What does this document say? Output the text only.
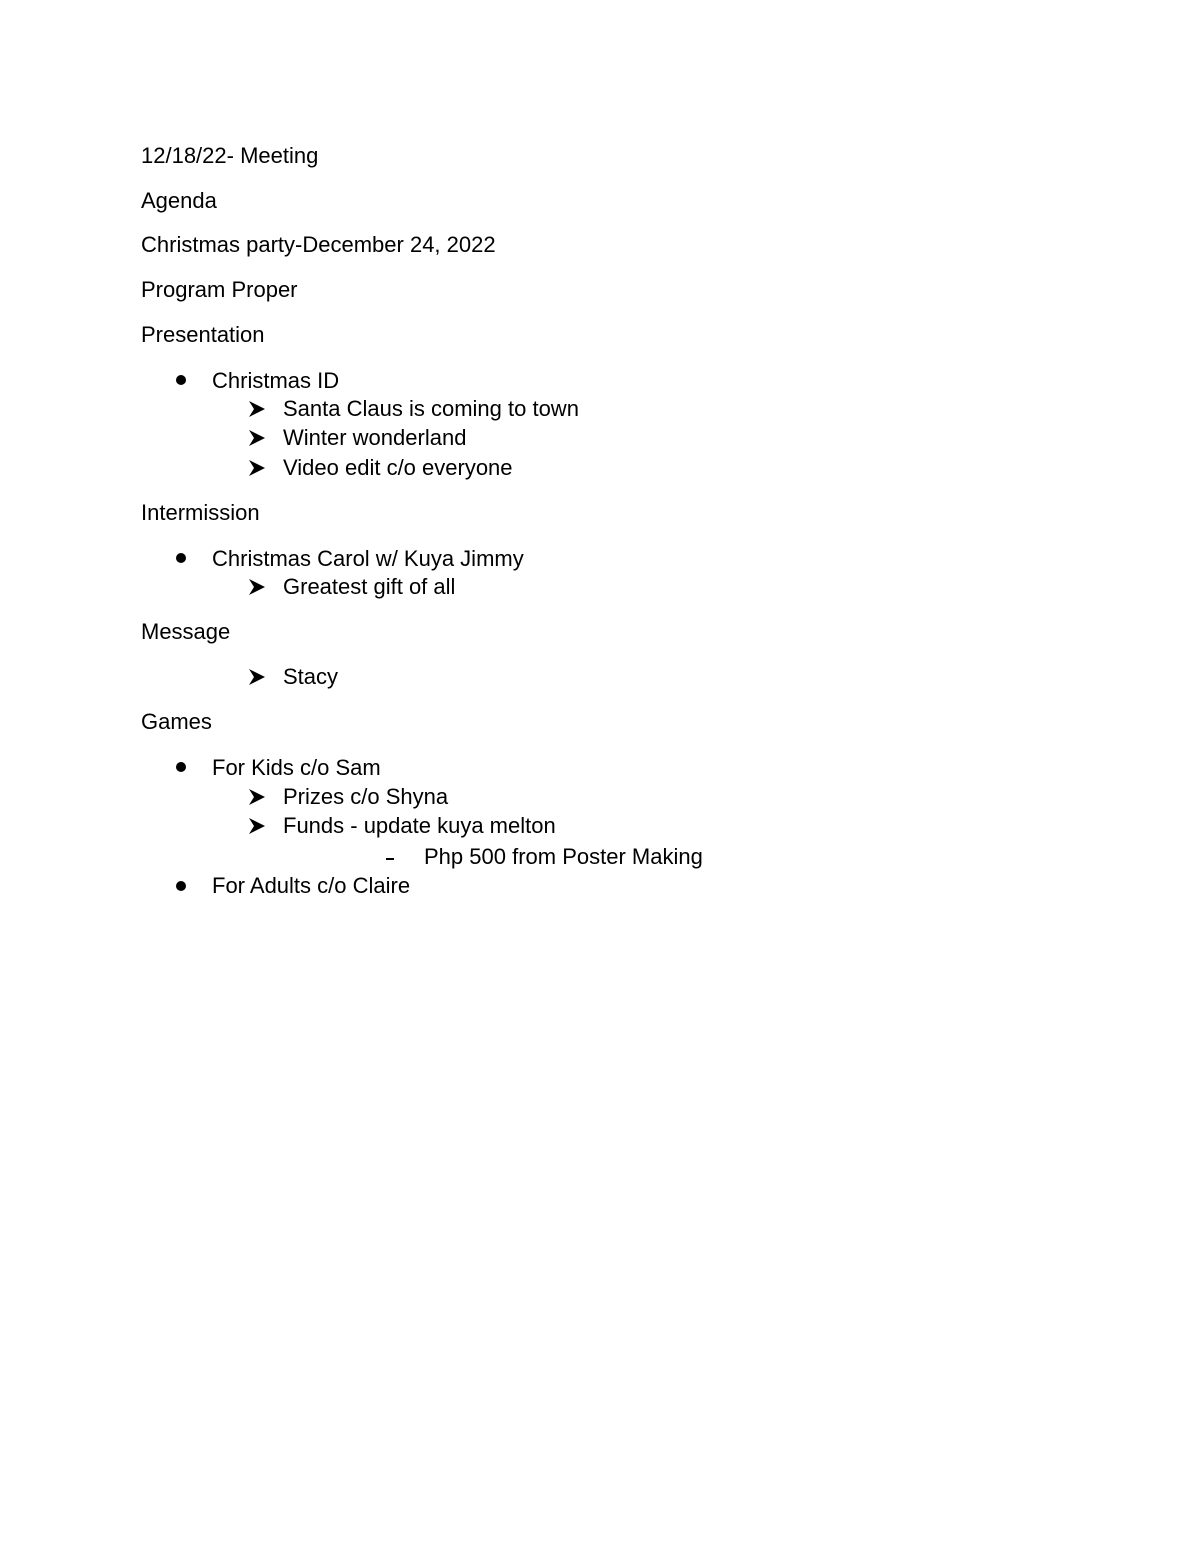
12/18/22- Meeting
Agenda
Christmas party-December 24, 2022
Program Proper
Presentation
Christmas ID
Santa Claus is coming to town
Winter wonderland
Video edit c/o everyone
Intermission
Christmas Carol w/ Kuya Jimmy
Greatest gift of all
Message
Stacy
Games
For Kids c/o Sam
Prizes c/o Shyna
Funds - update kuya melton
Php 500 from Poster Making
For Adults c/o Claire
